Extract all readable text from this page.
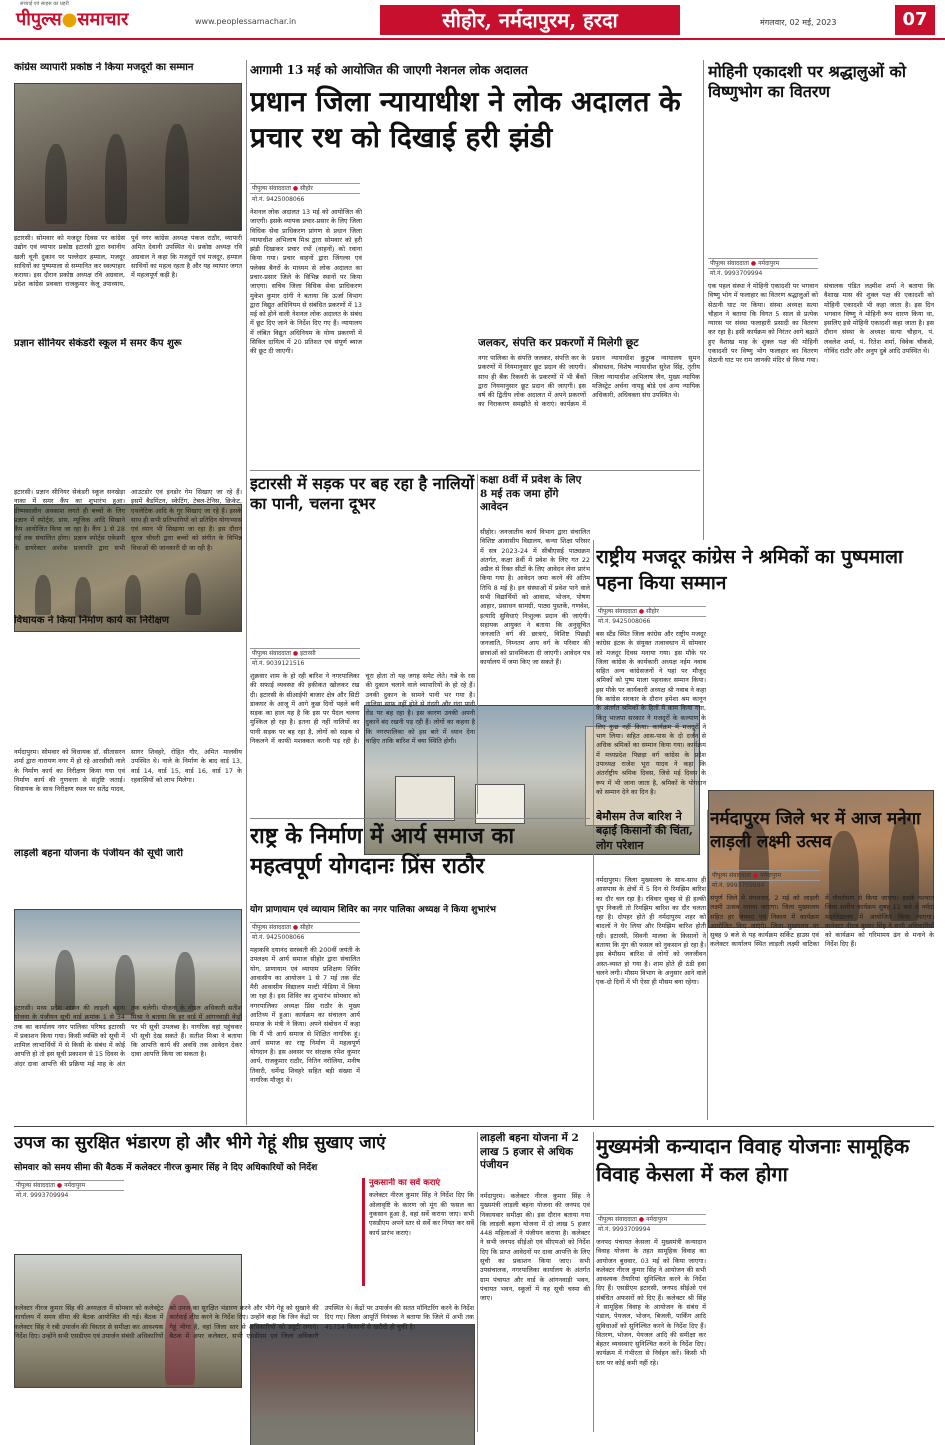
सच्चाई एवं साहस का प्रहरी
पीपुल्स●समाचार	www.peoplessamachar.in	सीहोर, नर्मदापुरम, हरदा	मंगलवार, 02 मई, 2023	07
कांग्रेस व्यापारी प्रकोष्ठ ने किया मजदूरों का सम्मान
इटारसी। सोमवार को मजदूर दिवस पर कांग्रेस उद्योग एवं व्यापार प्रकोष्ठ इटारसी द्वारा स्थानीय खली चूनी दुकान पर पल्लेदार हम्माल, मजदूर साथियों का पुष्पमाला से सम्मानित कर स्वल्पाहार कराया। इस दौरान प्रकोष्ठ अध्यक्ष रवि अग्रवाल, प्रदेश कांग्रेस प्रवक्ता राजकुमार केलू उपाध्याय, पूर्व नगर कांग्रेस अध्यक्ष पंकज राठौर, व्यापारी अमित देवानी उपस्थित थे। प्रकोष्ठ अध्यक्ष रवि अग्रवाल ने कहा कि मजदूरों एवं मजदूर, हम्माल साथियों का महत्व रहता है और यह व्यापार जगत में महत्वपूर्ण कड़ी है।
प्रज्ञान सीनियर सेकंडरी स्कूल में समर कैंप शुरू
इटारसी। प्रज्ञान सीनियर सेकंडरी स्कूल सनखेड़ा नाका में समर कैंप का शुभारंभ हुआ। ग्रीष्मकालीन अवकाश लगते ही बच्चों के लिए प्रज्ञान में स्पोर्ट्स, डांस, म्यूजिक आदि सिखाने कैंप आयोजित किया जा रहा है। कैंप 1 से 28 मई तक संचालित होगा। प्रज्ञान स्पोर्ट्स एकेडमी के डायरेक्टर अशोक प्रजापति द्वारा सभी आउटडोर एवं इनडोर गेम सिखाए जा रहे हैं। इसमें बैडमिंटन, स्केटिंग, टेबल-टेनिस, क्रिकेट, एथलेटिक आदि के गुर सिखाए जा रहे हैं। इसके साथ ही सभी प्रतिभागियों को प्रतिदिन योगाभ्यास एवं ध्यान भी सिखाया जा रहा है। इस दौरान सुरज चौधरी द्वारा बच्चों को संगीत के विभिन्न विधाओं की जानकारी दी जा रही है।
विधायक ने किया निर्माण कार्य का निरीक्षण
नर्मदापुरम। सोमवार को विधायक डॉ. सीतासरन शर्मा द्वारा नारायण नगर में हो रहे आरसीसी नाले के निर्माण कार्य का निरीक्षण किया गया एवं निर्माण कार्य की गुणवत्ता से संतुष्टि जताई। विधायक के साथ निरीक्षण स्थल पर सतेंद्र यादव, सागर शिवहरे, रोहित गौर, अमित मालवीय उपस्थित थे। नाले के निर्माण के बाद वार्ड 13, वार्ड 14, वार्ड 15, वार्ड 16, वार्ड 17 के रहवासियों को लाभ मिलेगा।
लाड़ली बहना योजना के पंजीयन की सूची जारी
इटारसी। मध्य प्रदेश शासन की लाड़ली बहना योजना के पंजीयन सूची वार्ड क्रमांक 1 से 34 तक का कार्यालय नगर पालिका परिषद इटारसी में प्रकाशन किया गया। किसी व्यक्ति को सूची में शामिल लाभार्थियों में से किसी के संबंध में कोई आपत्ति हो तो इस सूची प्रकाशन से 15 दिवस के अंदर दावा आपत्ति की प्रक्रिया मई माह के अंत तक चलेगी। योजना के नोडल अधिकारी सतीश मिश्रा ने बताया कि हर वार्ड में आंगनवाड़ी केंद्रों पर भी सूची उपलब्ध है। नागरिक वहां पहुंचकर भी सूची देख सकते हैं। सतीश मिश्रा ने बताया कि आपत्ति कार्य की अवधि तक आवेदन देकर दावा आपत्ति किया जा सकता है।
आगामी 13 मई को आयोजित की जाएगी नेशनल लोक अदालत
प्रधान जिला न्यायाधीश ने लोक अदालत के प्रचार रथ को दिखाई हरी झंडी
पीपुल्स संवाददाता ● सीहोर
मो.नं. 9425008066
नेशनल लोक अदालत 13 मई को आयोजित की जाएगी। इसके व्यापक प्रचार-प्रसार के लिए जिला विधिक सेवा प्राधिकरण प्रांगण से प्रधान जिला न्यायाधीश अभिलाष मिश्र द्वारा सोमवार को हरी झंडी दिखाकर प्रचार रथों (वाहनों) को रवाना किया गया। प्रचार वाहनों द्वारा जिंगल्स एवं फ्लेक्स बैनरों के माध्यम से लोक अदालत का प्रचार-प्रसार जिले के विभिन्न स्थानों पर किया जाएगा। सचिव जिला विधिक सेवा प्राधिकरण मुकेश कुमार दांगी ने बताया कि ऊर्जा विभाग द्वारा विद्युत अधिनियम से संबंधित प्रकरणों में 13 मई को होने वाली नेशनल लोक अदालत के संबंध में छूट दिए जाने के निर्देश दिए गए हैं। न्यायालय में लंबित विद्युत अधिनियम के योग्य प्रकरणों में सिविल दायित्व में 20 प्रतिशत एवं संपूर्ण ब्याज की छूट दी जाएगी।
जलकर, संपत्ति कर प्रकरणों में मिलेगी छूट
नगर पालिका के संपत्ति जलकर, संपत्ति कर के प्रकरणों में नियमानुसार छूट प्रदान की जाएगी। साथ ही बैंक रिकवरी के प्रकरणों में भी बैंकों द्वारा नियमानुसार छूट प्रदान की जाएगी। इस वर्ष की द्वितीय लोक अदालत में अपने प्रकरणों का निराकरण समझौते से कराएं। कार्यक्रम में प्रधान न्यायाधीश कुटुम्ब न्यायालय सुमन श्रीवास्तव, विशेष न्यायाधीश सुरेश सिंह, तृतीय जिला न्यायाधीश अभिलाष जैन, मुख्य न्यायिक मजिस्ट्रेट अर्चना नायडू बोडे एवं अन्य न्यायिक अधिकारी, अधिवक्ता संघ उपस्थित थे।
मोहिनी एकादशी पर श्रद्धालुओं को विष्णुभोग का वितरण
पीपुल्स संवाददाता ● नर्मदापुरम
मो.नं. 9993709994
एक पहल संस्था ने मोहिनी एकादशी पर भगवान विष्णु भोग में फलाहार का वितरण श्रद्धालुओं को सेठानी घाट पर किया। संस्था अध्यक्ष सत्या चौहान ने बताया कि विगत 5 साल से प्रत्येक ग्यारस पर संस्था फलाहारी प्रसादी का वितरण कर रहा है। इसी कार्यक्रम को निरंतर आगे बढ़ाते हुए वैशाख माह के शुक्ल पक्ष की मोहिनी एकादशी पर विष्णु भोग फलाहार का वितरण सेठानी घाट पर राम जानकी मंदिर से किया गया। संचालक पंडित लक्ष्मीश शर्मा ने बताया कि वैशाख मास की शुक्ल पक्ष की एकादशी को मोहिनी एकादशी भी कहा जाता है। इस दिन भगवान विष्णु ने मोहिनी रूप धारण किया था, इसलिए इसे मोहिनी एकादशी कहा जाता है। इस दौरान संस्था के अध्यक्ष सत्या चौहान, पं. लवलेश शर्मा, पं. रितेश शर्मा, विवेक चौकसे, गोविंद राठौर और अनुप दुबे आदि उपस्थित थे।
इटारसी में सड़क पर बह रहा है नालियों का पानी, चलना दूभर
पीपुल्स संवाददाता ● इटारसी
मो.नं. 9039121516
शुक्रवार शाम के हो रही बारिश ने नगरपालिका की सफाई व्यवस्था की हकीकत खोलकर रख दी। इटारसी के सीआईपी बाजार क्षेत्र और सिटी डाकघर के आजू में आगे कुछ दिनों पहले बनी सड़क का हाल यह है कि इस पर पैदल चलना मुश्किल हो रहा है। इतना ही नहीं नालियों का पानी सड़क पर बह रहा है, लोगों को सड़क से निकलने में काफी मशक्कत करनी पड़ रही है। चूरा होता तो यह जगह समेट लेते। गन्ने के रस की दुकान चलाने वाले व्यापारियों के हो रहे हैं। उनकी दुकान के सामने पानी भर गया है। नालिया साफ नहीं होने से गंदगी और गंदा पानी रोड पर बह रहा है। इस कारण उनकी अपनी दुकानें बंद रखनी पड़ रही हैं। लोगों का कहना है कि नगरपालिका को इस बारे में ध्यान देना चाहिए ताकि बारिश में क्या स्थिति होगी।
कक्षा 8वीं में प्रवेश के लिए 8 मई तक जमा होंगे आवेदन
सीहोर। जनजातीय कार्य विभाग द्वारा संचालित विशिष्ट आवासीय विद्यालय, कन्या शिक्षा परिसर में सत्र 2023-24 में सीबीएसई पाठ्यक्रम अंतर्गत, कक्षा 8वीं में प्रवेश के लिए गत 22 अप्रैल से रिक्त सीटों के लिए आवेदन लेना प्रारंभ किया गया है। आवेदन जमा करने की अंतिम तिथि 8 मई है। इन संस्थाओं में प्रवेश पाने वाले सभी विद्यार्थियों को आवास, भोजन, पोषण आहार, प्रसाधन सामग्री, पाठ्य पुस्तकें, गणवेश, इत्यादि सुविधाएं निःशुल्क प्रदान की जाएंगी। सहायक आयुक्त ने बताया कि अनुसूचित जनजाति वर्ग की छात्राएं, विशिष्ट पिछड़ी जनजाति, निम्नतम आय वर्ग के परिवार की छात्राओं को प्राथमिकता दी जाएगी। आवेदन पत्र कार्यालय में जमा किए जा सकते हैं।
राष्ट्रीय मजदूर कांग्रेस ने श्रमिकों का पुष्पमाला पहना किया सम्मान
पीपुल्स संवाददाता ● सीहोर
मो.नं. 9425008066
बस स्टैंड स्थित जिला कांग्रेस और राष्ट्रीय मजदूर कांग्रेस इंटक के संयुक्त तत्वावधान में सोमवार को मजदूर दिवस मनाया गया। इस मौके पर जिला कांग्रेस के कार्यकारी अध्यक्ष नईम नवाब सहित अन्य कांग्रेसजनों ने यहां पर मौजूद श्रमिकों को पुष्प माला पहनाकर सम्मान किया। इस मौके पर कार्यकारी अध्यक्ष श्री नवाब ने कहा कि कांग्रेस सरकार के दौरान हमेशा श्रम कानून के अंतर्गत श्रमिकों के हितों में काम किया गया, किंतु भाजपा सरकार ने मजदूरों के कल्याण के लिए कुछ नहीं किया। कार्यक्रम में मजदूरों ने भाग लिया। सहित आस-पास के दो दर्जन से अधिक श्रमिकों का सम्मान किया गया। कार्यक्रम में मध्यप्रदेश पिछड़ा वर्ग कांग्रेस के प्रदेश उपाध्यक्ष राजेश भूरा यादव ने कहा कि अंतर्राष्ट्रीय श्रमिक दिवस, जिसे मई दिवस के रूप में भी जाना जाता है, श्रमिकों के योगदान को सम्मान देने का दिन है।
राष्ट्र के निर्माण में आर्य समाज का महत्वपूर्ण योगदानः प्रिंस राठौर
योग प्राणायाम एवं व्यायाम शिविर का नगर पालिका अध्यक्ष ने किया शुभारंभ
पीपुल्स संवाददाता ● सीहोर
मो.नं. 9425008066
महाकवि दयानंद सरस्वती की 200वीं जयंती के उपलक्ष्य में आर्य समाज सीहोर द्वारा संचालित योग, प्राणायाम एवं व्यायाम प्रशिक्षण शिविर आवासीय का आयोजन 1 से 7 मई तक सेंट मैरी आवासीय विद्यालय मल्टी मीडिया में किया जा रहा है। इस शिविर का शुभारंभ सोमवार को नगरपालिका अध्यक्ष प्रिंस राठौर के मुख्य आतिथ्य में हुआ। कार्यक्रम का संचालन आर्य समाज के मंत्री ने किया। अपने संबोधन में कहा कि मैं भी आर्य समाज से शिक्षित नागरिक हूं। आर्य समाज का राष्ट्र निर्माण में महत्वपूर्ण योगदान है। इस अवसर पर संरक्षक रमेश कुमार आर्य, राजकुमार राठौर, नितिन नरोलिया, मनीष तिवारी, धर्मेन्द्र शिवहरे सहित बड़ी संख्या में नागरिक मौजूद थे।
बेमौसम तेज बारिश ने बढ़ाई किसानों की चिंता, लोग परेशान
नर्मदापुरम। जिला मुख्यालय के साथ-साथ ही आसपास के क्षेत्रों में 5 दिन से रिमझिम बारिश का दौर चल रहा है। रविवार सुबह से ही हल्की धूप निकली तो रिमझिम बारिश का दौर चलता रहा है। दोपहर होते ही नर्मदापुरम शहर को बादलों ने घेर लिया और रिमझिम बारिश होती रही। इटारसी, सिवनी मालवा के किसानों ने बताया कि मूंग की फसल को नुकसान हो रहा है। इस बेमौसम बारिश से लोगों को जनजीवन अस्त-व्यस्त हो गया है। शाम होते ही ठंडी हवा चलने लगी। मौसम विभाग के अनुसार आने वाले एक-दो दिनों में भी ऐसा ही मौसम बना रहेगा।
नर्मदापुरम जिले भर में आज मनेगा लाड़ली लक्ष्मी उत्सव
पीपुल्स संवाददाता ● नर्मदापुरम
मो.नं. 9993709994
संपूर्ण जिले में मंगलवार, 2 मई को लाड़ली लक्ष्मी उत्सव मनाया जाएगा। जिला मुख्यालय सहित हर जनपद एवं निकाय में कार्यक्रम आयोजित किए जाएंगे। जिला मुख्यालय पर सुबह 9 बजे से यह कार्यक्रम सर्किट हाउस एवं कलेक्टर कार्यालय स्थित लाड़ली लक्ष्मी वाटिका में पौधरोपण से किया जाएगा। इसके पश्चात जिला स्तरीय कार्यक्रम सुबह 11 बजे से नर्मदा महाविद्यालय में आयोजित किया जाएगा। कलेक्टर नीरज कुमार सिंह ने सभी अधिकारियों को कार्यक्रम को गरिमामय ढंग से मनाने के निर्देश दिए हैं।
उपज का सुरक्षित भंडारण हो और भीगे गेहूं शीघ्र सुखाए जाएं
सोमवार को समय सीमा की बैठक में कलेक्टर नीरज कुमार सिंह ने दिए अधिकारियों को निर्देश
पीपुल्स संवाददाता ● नर्मदापुरम
मो.नं. 9993709994
नुकसानी का सर्वे कराएं
कलेक्टर नीरज कुमार सिंह ने निर्देश दिए कि ओलावृष्टि के कारण जो मूंग की फसल का नुकसान हुआ है, वहां सर्वे कराया जाए। सभी एसडीएम अपने स्तर से सर्वे कर नियत कर सर्वे कार्य प्रारंभ कराएं।
कलेक्टर नीरज कुमार सिंह की अध्यक्षता में सोमवार को कलेक्ट्रेट कार्यालय में समय सीमा की बैठक आयोजित की गई। बैठक में कलेक्टर सिंह ने रबी उपार्जन की विस्तार से समीक्षा कर आवश्यक निर्देश दिए। उन्होंने सभी एसडीएम एवं उपार्जन संबंधी अधिकारियों को उपज का सुरक्षित भंडारण करने और भीगे गेहूं को सुखाने की कार्रवाई शीघ्र करने के निर्देश दिए। उन्होंने कहा कि जिन केंद्रों पर गेहूं भीगा है, वहां जिला स्तर से अधिकारियों को ड्यूटी लगाएं। बैठक में अपर कलेक्टर, सभी एसडीएम एवं जिला अधिकारी उपस्थित थे। केंद्रों पर उपार्जन की सतत मॉनिटरिंग करने के निर्देश दिए गए। जिला आपूर्ति नियंत्रक ने बताया कि जिले में अभी तक 45754 किसानों से खरीदी हो चुकी है।
लाड़ली बहना योजना में 2 लाख 5 हजार से अधिक पंजीयन
नर्मदापुरम। कलेक्टर नीरज कुमार सिंह ने मुख्यमंत्री लाड़ली बहना योजना की जनपद एवं निकायवार समीक्षा की। इस दौरान बताया गया कि लाड़ली बहना योजना में दो लाख 5 हजार 448 महिलाओं ने पंजीयन कराया है। कलेक्टर ने सभी जनपद सीईओ एवं सीएमओ को निर्देश दिए कि प्राप्त आवेदनों पर दावा आपत्ति के लिए सूची का प्रकाशन किया जाए। सभी उपसंचालक, नगरपालिका कार्यालय के अंतर्गत ग्राम पंचायत और वार्ड के आंगनवाड़ी भवन, पंचायत भवन, स्कूलों में यह सूची चस्पा की जाए।
मुख्यमंत्री कन्यादान विवाह योजनाः सामूहिक विवाह केसला में कल होगा
पीपुल्स संवाददाता ● नर्मदापुरम
मो.नं. 9993709994
जनपद पंचायत केसला में मुख्यमंत्री कन्यादान विवाह योजना के तहत सामूहिक विवाह का आयोजन बुधवार, 03 मई को किया जाएगा। कलेक्टर नीरज कुमार सिंह ने आयोजन की सभी आवश्यक तैयारियां सुनिश्चित करने के निर्देश दिए हैं। एसडीएम इटारसी, जनपद सीईओ एवं संबंधित अफसरों को दिए हैं। कलेक्टर श्री सिंह ने सामूहिक विवाह के आयोजन के संबंध में पंडाल, पेयजल, भोजन, बिजली, पार्किंग आदि सुविधाओं को सुनिश्चित करने के निर्देश दिए हैं। वितरण, भोजन, पेयजल आदि की समीक्षा कर बेहतर व्यवस्थाएं सुनिश्चित करने के निर्देश दिए। कार्यक्रम में गंभीरता से निर्वहन करें। किसी भी स्तर पर कोई कमी नहीं रहे।
